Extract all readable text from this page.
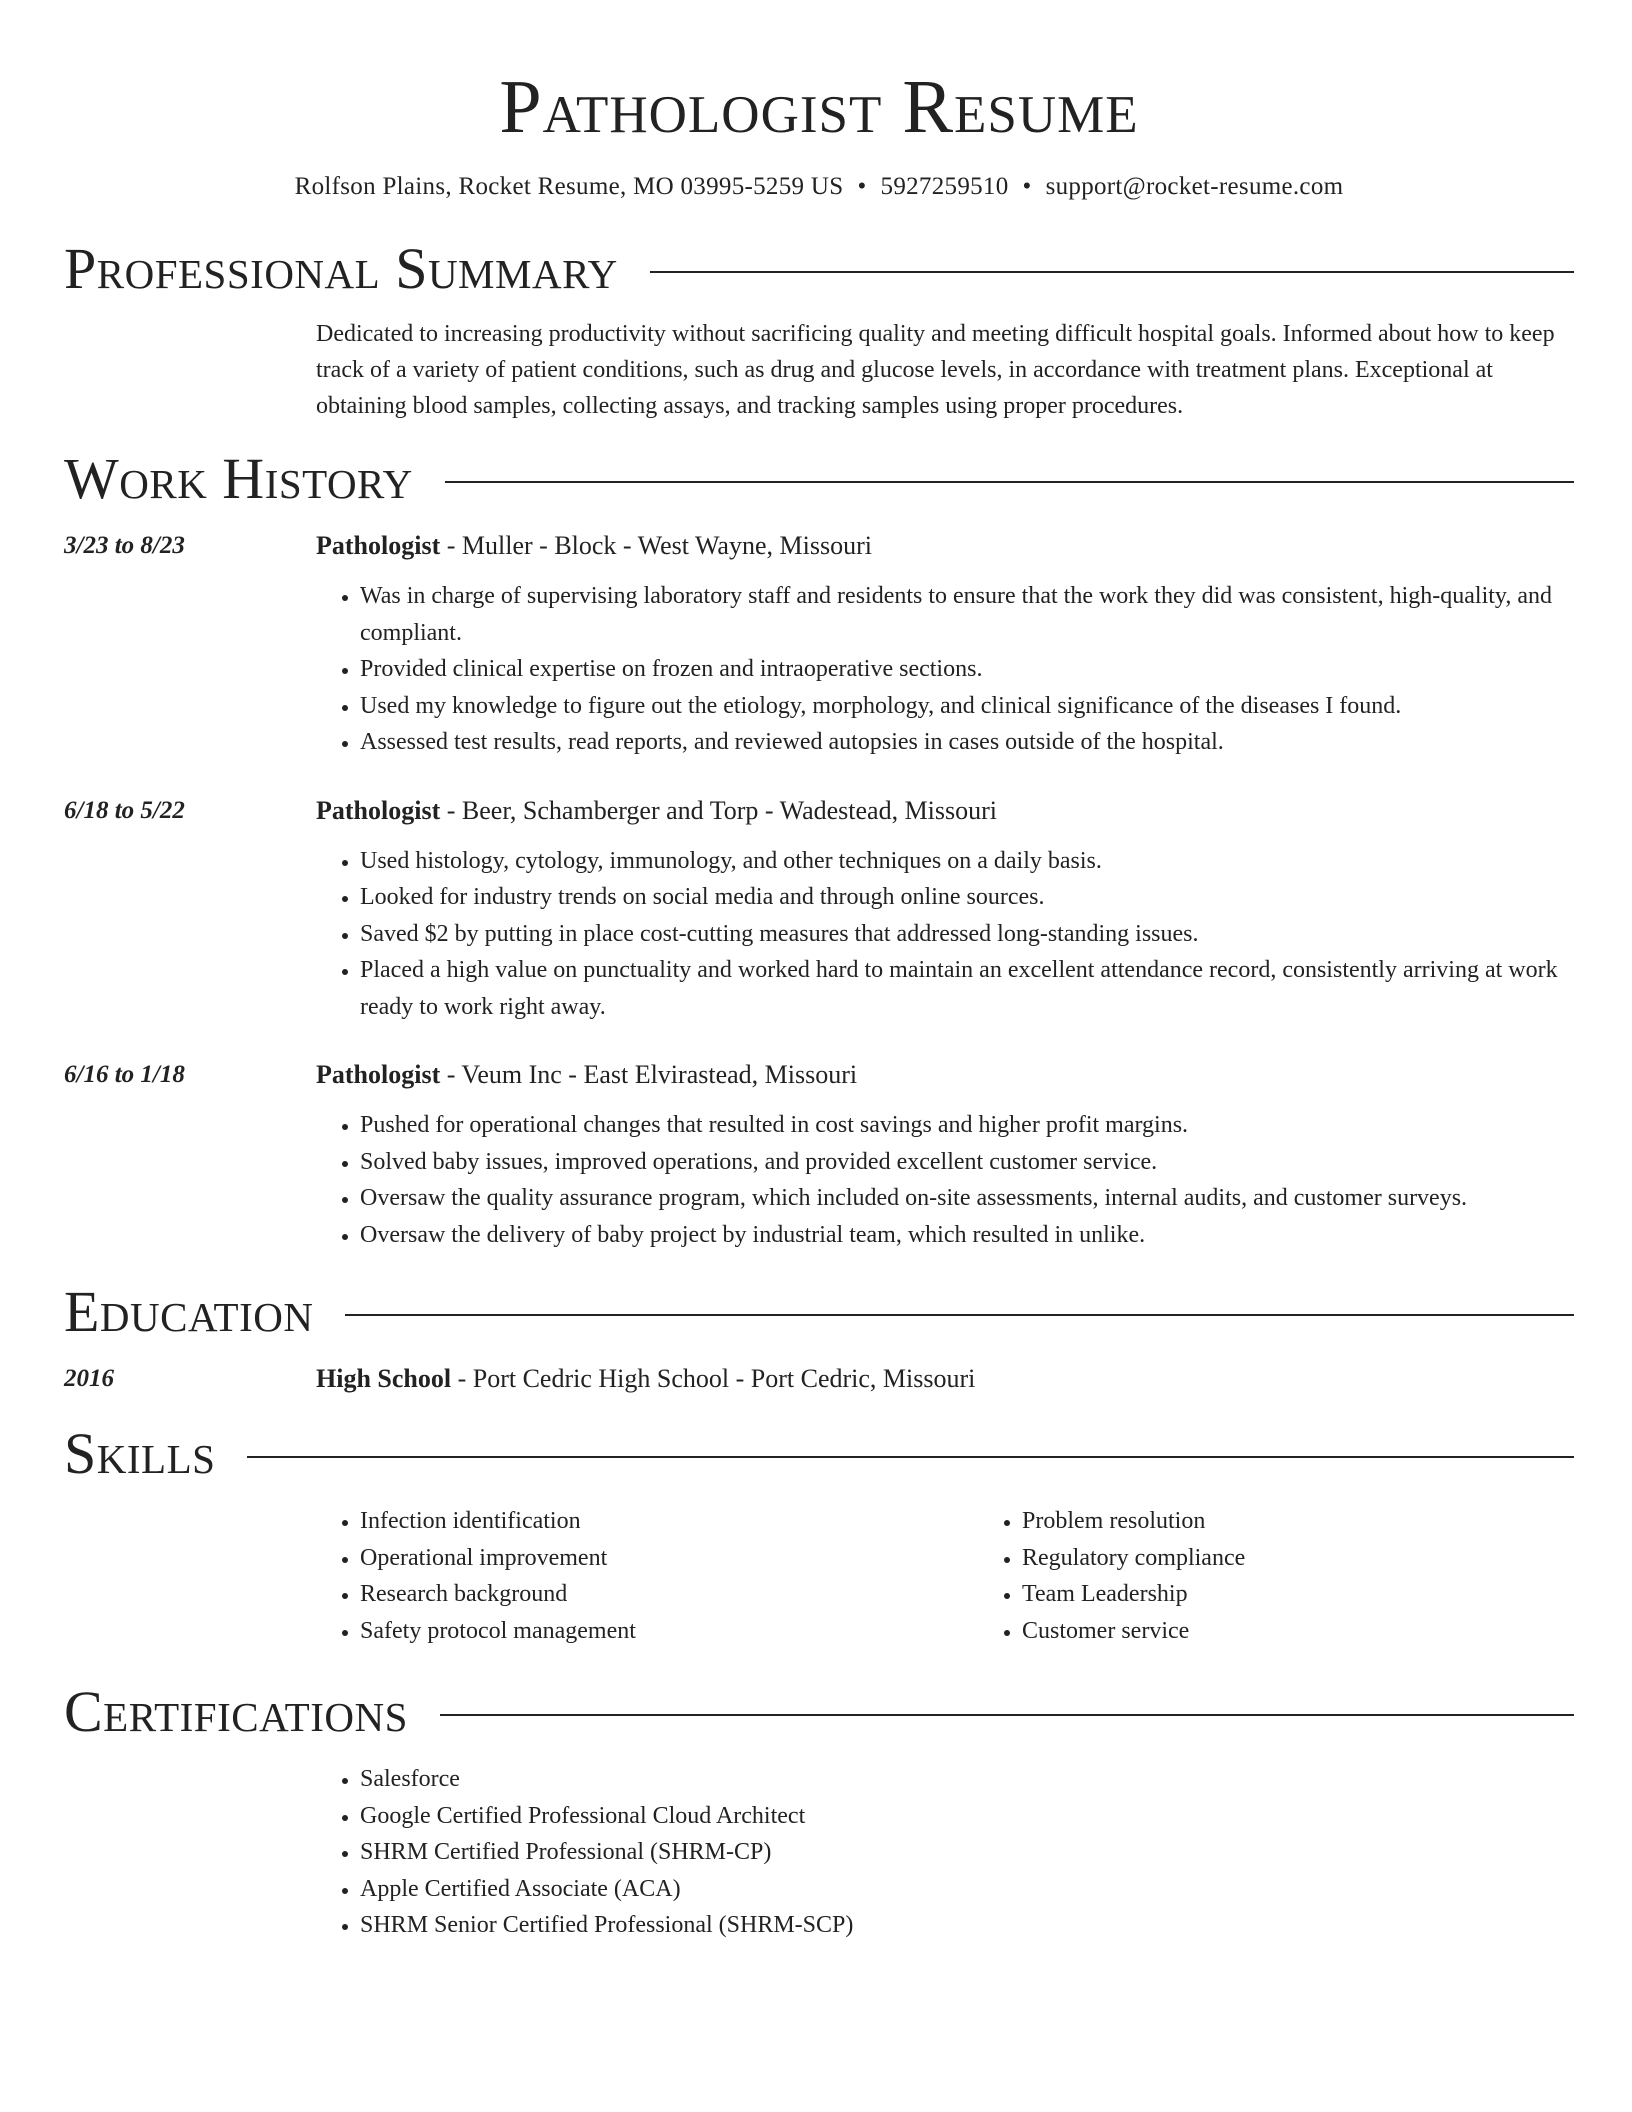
Pathologist Resume
Rolfson Plains, Rocket Resume, MO 03995-5259 US • 5927259510 • support@rocket-resume.com
Professional Summary
Dedicated to increasing productivity without sacrificing quality and meeting difficult hospital goals. Informed about how to keep track of a variety of patient conditions, such as drug and glucose levels, in accordance with treatment plans. Exceptional at obtaining blood samples, collecting assays, and tracking samples using proper procedures.
Work History
3/23 to 8/23	Pathologist - Muller - Block - West Wayne, Missouri
• Was in charge of supervising laboratory staff and residents to ensure that the work they did was consistent, high-quality, and compliant.
• Provided clinical expertise on frozen and intraoperative sections.
• Used my knowledge to figure out the etiology, morphology, and clinical significance of the diseases I found.
• Assessed test results, read reports, and reviewed autopsies in cases outside of the hospital.
6/18 to 5/22	Pathologist - Beer, Schamberger and Torp - Wadestead, Missouri
• Used histology, cytology, immunology, and other techniques on a daily basis.
• Looked for industry trends on social media and through online sources.
• Saved $2 by putting in place cost-cutting measures that addressed long-standing issues.
• Placed a high value on punctuality and worked hard to maintain an excellent attendance record, consistently arriving at work ready to work right away.
6/16 to 1/18	Pathologist - Veum Inc - East Elvirastead, Missouri
• Pushed for operational changes that resulted in cost savings and higher profit margins.
• Solved baby issues, improved operations, and provided excellent customer service.
• Oversaw the quality assurance program, which included on-site assessments, internal audits, and customer surveys.
• Oversaw the delivery of baby project by industrial team, which resulted in unlike.
Education
2016	High School - Port Cedric High School - Port Cedric, Missouri
Skills
• Infection identification
• Operational improvement
• Research background
• Safety protocol management
• Problem resolution
• Regulatory compliance
• Team Leadership
• Customer service
Certifications
• Salesforce
• Google Certified Professional Cloud Architect
• SHRM Certified Professional (SHRM-CP)
• Apple Certified Associate (ACA)
• SHRM Senior Certified Professional (SHRM-SCP)
